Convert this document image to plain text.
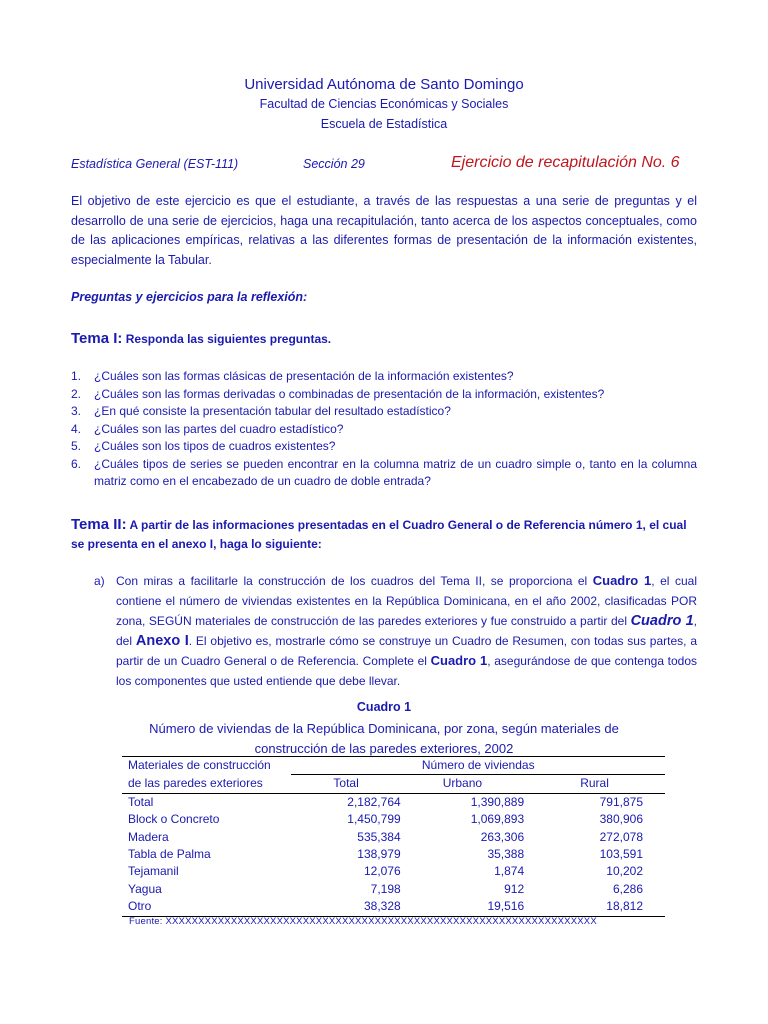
Universidad Autónoma de Santo Domingo
Facultad de Ciencias Económicas y Sociales
Escuela de Estadística
Estadística General (EST-111)	Sección 29	Ejercicio de recapitulación No. 6

El objetivo de este ejercicio es que el estudiante, a través de las respuestas a una serie de preguntas y el desarrollo de una serie de ejercicios, haga una recapitulación, tanto acerca de los aspectos conceptuales, como de las aplicaciones empíricas, relativas a las diferentes formas de presentación de la información existentes, especialmente la Tabular.

Preguntas y ejercicios para la reflexión:
Tema I: Responda las siguientes preguntas.
1. ¿Cuáles son las formas clásicas de presentación de la información existentes?
2. ¿Cuáles son las formas derivadas o combinadas de presentación de la información, existentes?
3. ¿En qué consiste la presentación tabular del resultado estadístico?
4. ¿Cuáles son las partes del cuadro estadístico?
5. ¿Cuáles son los tipos de cuadros existentes?
6. ¿Cuáles tipos de series se pueden encontrar en la columna matriz de un cuadro simple o, tanto en la columna matriz como en el encabezado de un cuadro de doble entrada?
Tema II: A partir de las informaciones presentadas en el Cuadro General o de Referencia número 1, el cual se presenta en el anexo I, haga lo siguiente:
a) Con miras a facilitarle la construcción de los cuadros del Tema II, se proporciona el Cuadro 1, el cual contiene el número de viviendas existentes en la República Dominicana, en el año 2002, clasificadas POR zona, SEGÚN materiales de construcción de las paredes exteriores y fue construido a partir del Cuadro 1, del Anexo I. El objetivo es, mostrarle cómo se construye un Cuadro de Resumen, con todas sus partes, a partir de un Cuadro General o de Referencia. Complete el Cuadro 1, asegurándose de que contenga todos los componentes que usted entiende que debe llevar.
Cuadro 1
Número de viviendas de la República Dominicana, por zona, según materiales de construcción de las paredes exteriores, 2002
Materiales de construcción	Número de viviendas		
de las paredes exteriores	Total	Urbano	Rural
Total	2,182,764	1,390,889	791,875
Block o Concreto	1,450,799	1,069,893	380,906
Madera	535,384	263,306	272,078
Tabla de Palma	138,979	35,388	103,591
Tejamanil	12,076	1,874	10,202
Yagua	7,198	912	6,286
Otro	38,328	19,516	18,812
Fuente: XXXXXXXXXXXXXXXXXXXXXXXXXXXXXXXXXXXXXXXXXXXXXXXXXXXXXXXXXXXXXXXXXX
